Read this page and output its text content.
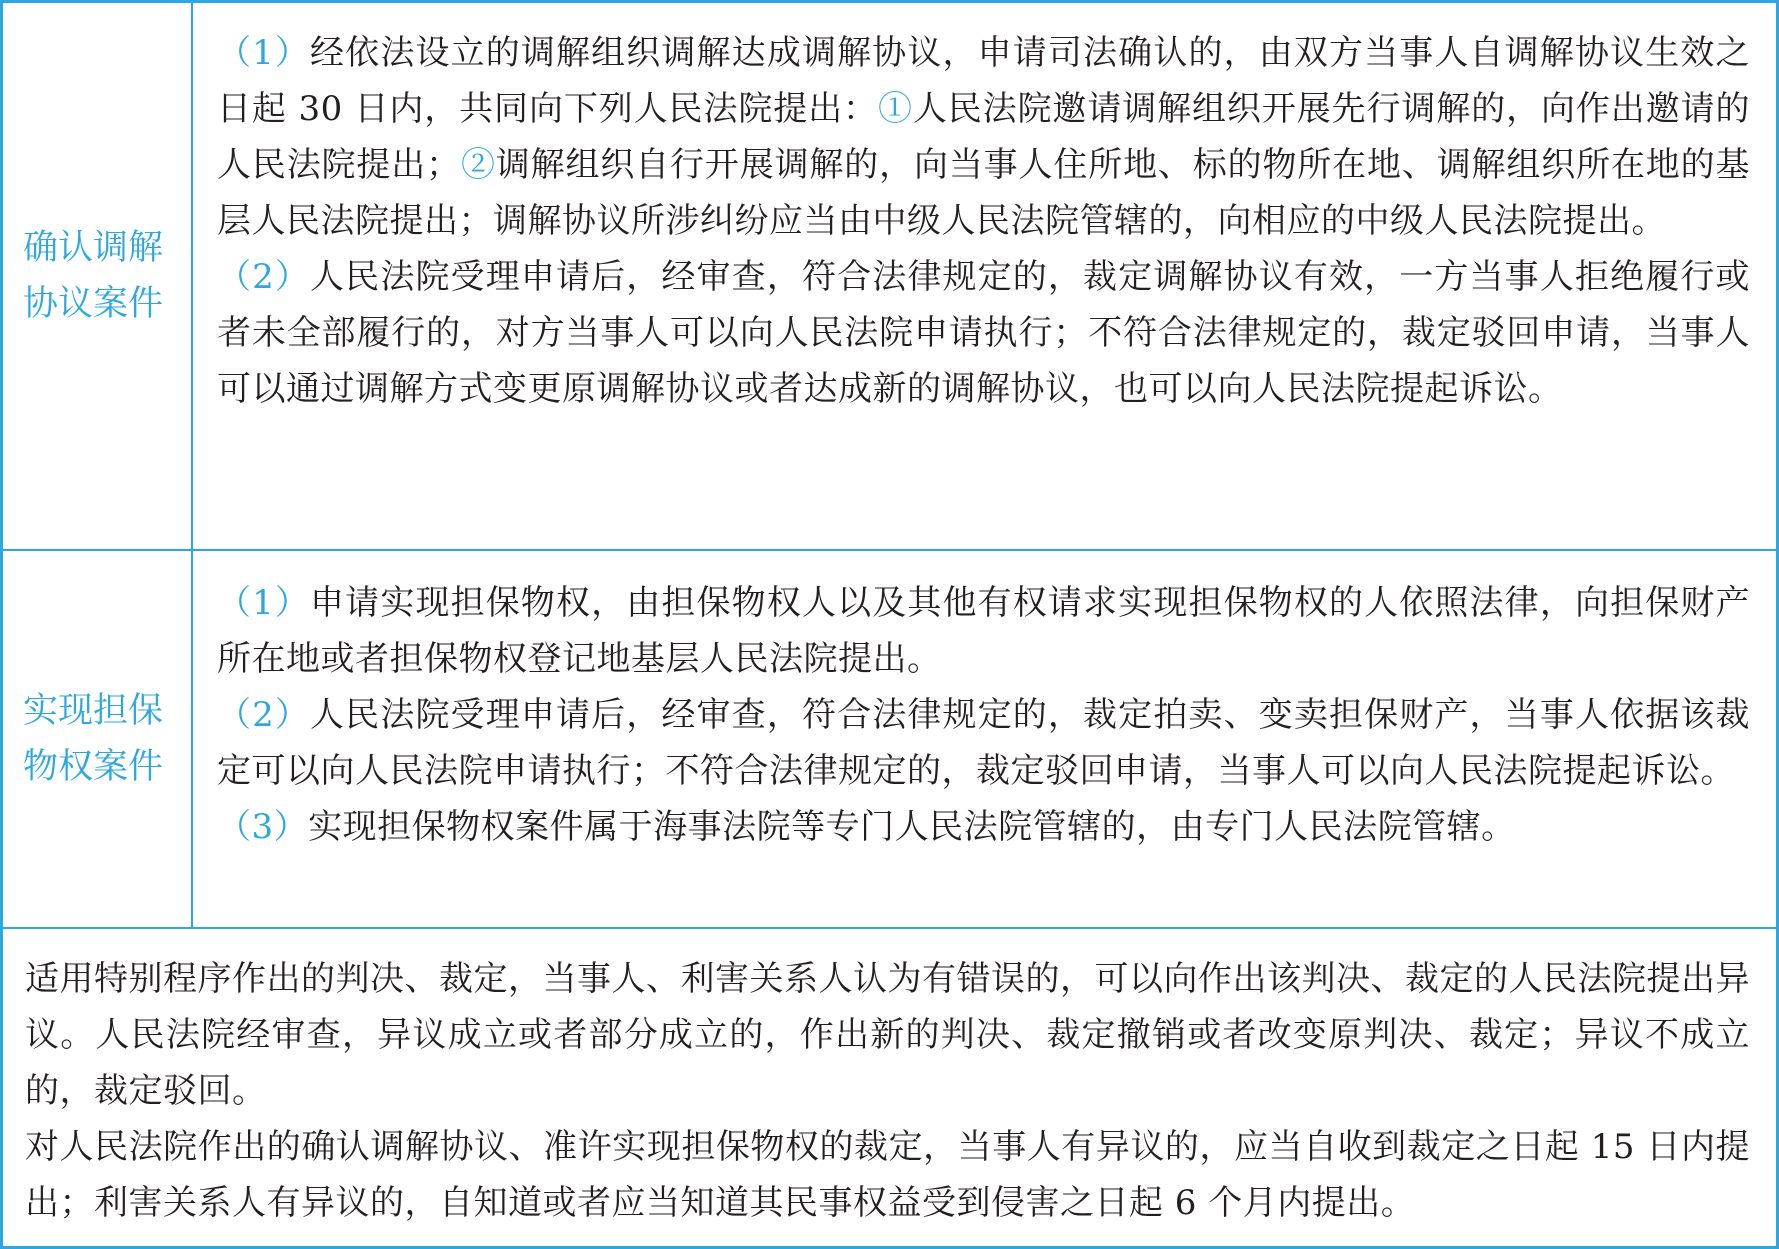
确认调解协议案件

（1）经依法设立的调解组织调解达成调解协议，申请司法确认的，由双方当事人自调解协议生效之日起 30 日内，共同向下列人民法院提出：①人民法院邀请调解组织开展先行调解的，向作出邀请的人民法院提出；②调解组织自行开展调解的，向当事人住所地、标的物所在地、调解组织所在地的基层人民法院提出；调解协议所涉纠纷应当由中级人民法院管辖的，向相应的中级人民法院提出。

（2）人民法院受理申请后，经审查，符合法律规定的，裁定调解协议有效，一方当事人拒绝履行或者未全部履行的，对方当事人可以向人民法院申请执行；不符合法律规定的，裁定驳回申请，当事人可以通过调解方式变更原调解协议或者达成新的调解协议，也可以向人民法院提起诉讼。

实现担保物权案件

（1）申请实现担保物权，由担保物权人以及其他有权请求实现担保物权的人依照法律，向担保财产所在地或者担保物权登记地基层人民法院提出。

（2）人民法院受理申请后，经审查，符合法律规定的，裁定拍卖、变卖担保财产，当事人依据该裁定可以向人民法院申请执行；不符合法律规定的，裁定驳回申请，当事人可以向人民法院提起诉讼。

（3）实现担保物权案件属于海事法院等专门人民法院管辖的，由专门人民法院管辖。

适用特别程序作出的判决、裁定，当事人、利害关系人认为有错误的，可以向作出该判决、裁定的人民法院提出异议。人民法院经审查，异议成立或者部分成立的，作出新的判决、裁定撤销或者改变原判决、裁定；异议不成立的，裁定驳回。

对人民法院作出的确认调解协议、准许实现担保物权的裁定，当事人有异议的，应当自收到裁定之日起 15 日内提出；利害关系人有异议的，自知道或者应当知道其民事权益受到侵害之日起 6 个月内提出。
